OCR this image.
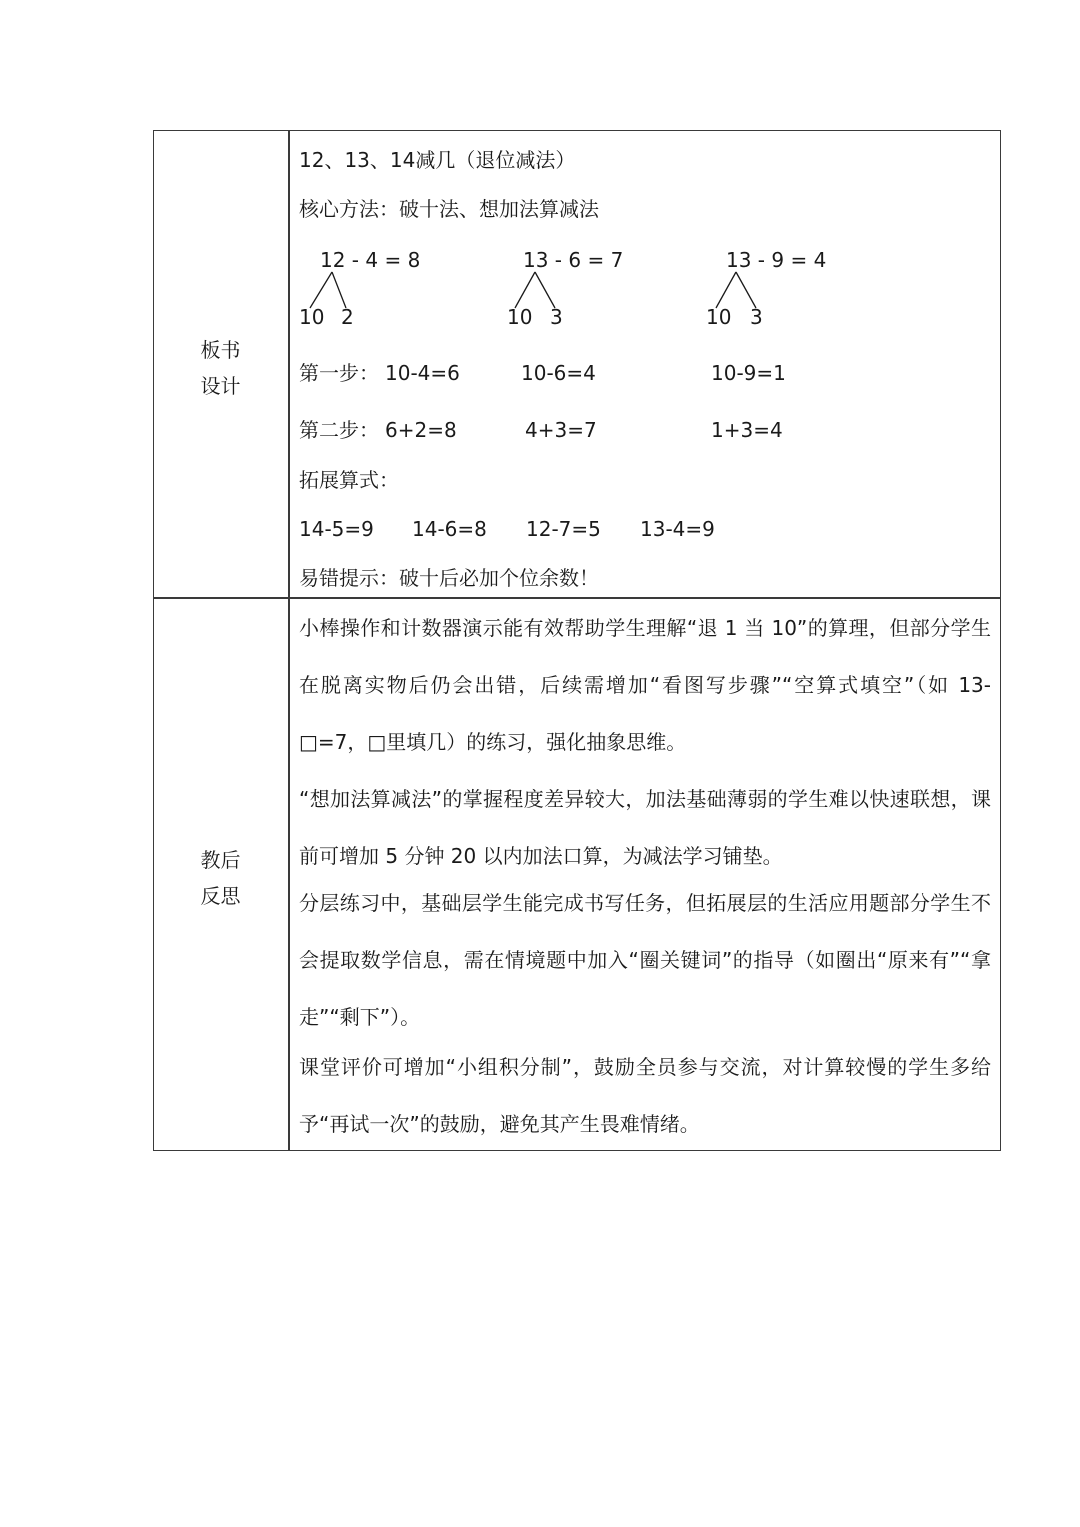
板书
设计
12、13、14减几（退位减法）
核心方法：破十法、想加法算减法
12 - 4 = 8
10 2
13 - 6 = 7
10 3
13 - 9 = 4
10 3
第一步： 10-4=6	10-6=4	10-9=1
第二步： 6+2=8	4+3=7	1+3=4
拓展算式：
14-5=9 14-6=8 12-7=5 13-4=9
易错提示：破十后必加个位余数！
教后
反思
小棒操作和计数器演示能有效帮助学生理解“退 1 当 10”的算理，但部分学生在脱离实物后仍会出错，后续需增加“看图写步骤”“空算式填空”（如 13-□=7，□里填几）的练习，强化抽象思维。
“想加法算减法”的掌握程度差异较大，加法基础薄弱的学生难以快速联想，课前可增加 5 分钟 20 以内加法口算，为减法学习铺垫。
分层练习中，基础层学生能完成书写任务，但拓展层的生活应用题部分学生不会提取数学信息，需在情境题中加入“圈关键词”的指导（如圈出“原来有”“拿走”“剩下”）。
课堂评价可增加“小组积分制”，鼓励全员参与交流，对计算较慢的学生多给予“再试一次”的鼓励，避免其产生畏难情绪。
